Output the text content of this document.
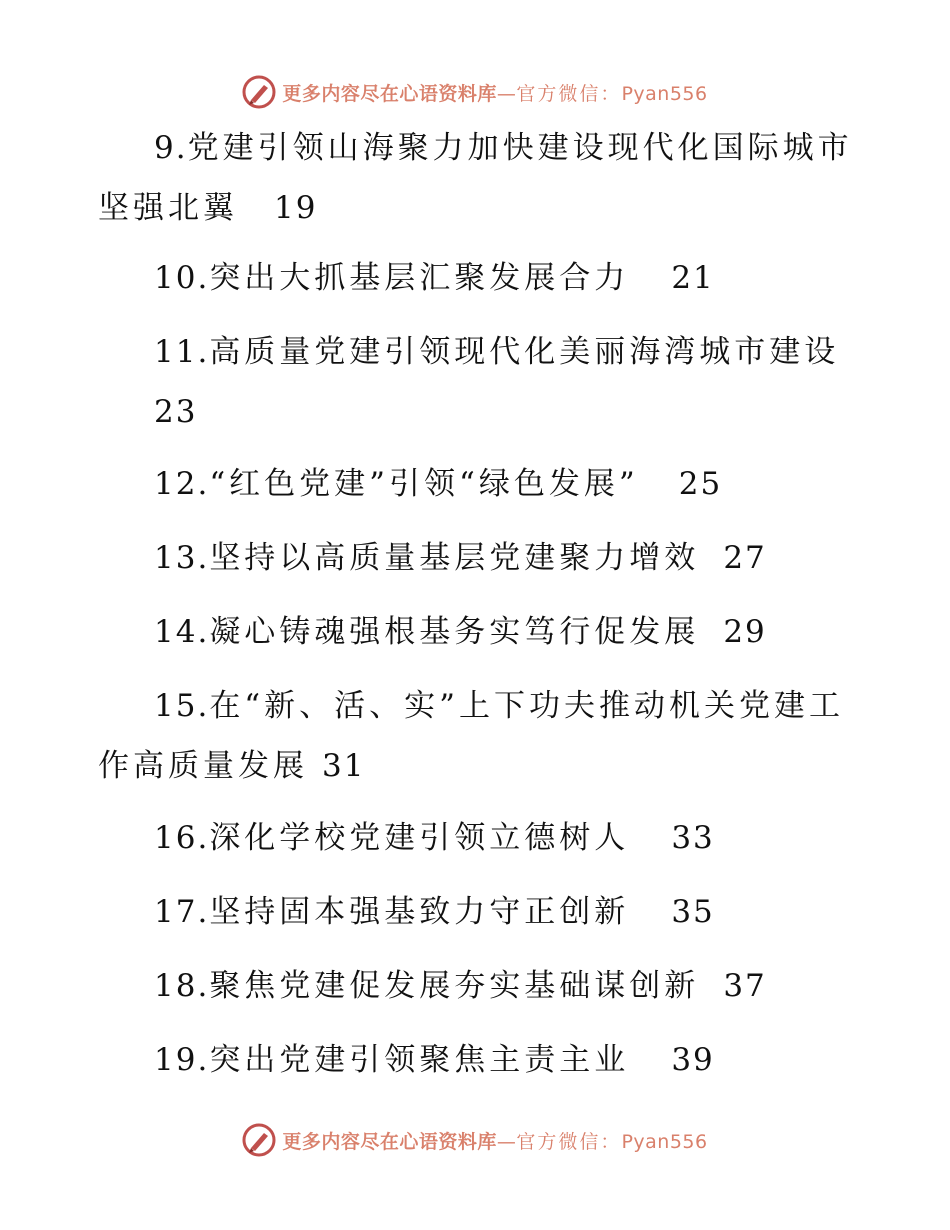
更多内容尽在心语资料库—官方微信：Pyan556
9.党建引领山海聚力加快建设现代化国际城市
坚强北翼 19
10.突出大抓基层汇聚发展合力 21
11.高质量党建引领现代化美丽海湾城市建设
23
12.“红色党建”引领“绿色发展” 25
13.坚持以高质量基层党建聚力增效 27
14.凝心铸魂强根基务实笃行促发展 29
15.在“新、活、实”上下功夫推动机关党建工
作高质量发展 31
16.深化学校党建引领立德树人 33
17.坚持固本强基致力守正创新 35
18.聚焦党建促发展夯实基础谋创新 37
19.突出党建引领聚焦主责主业 39
更多内容尽在心语资料库—官方微信：Pyan556
